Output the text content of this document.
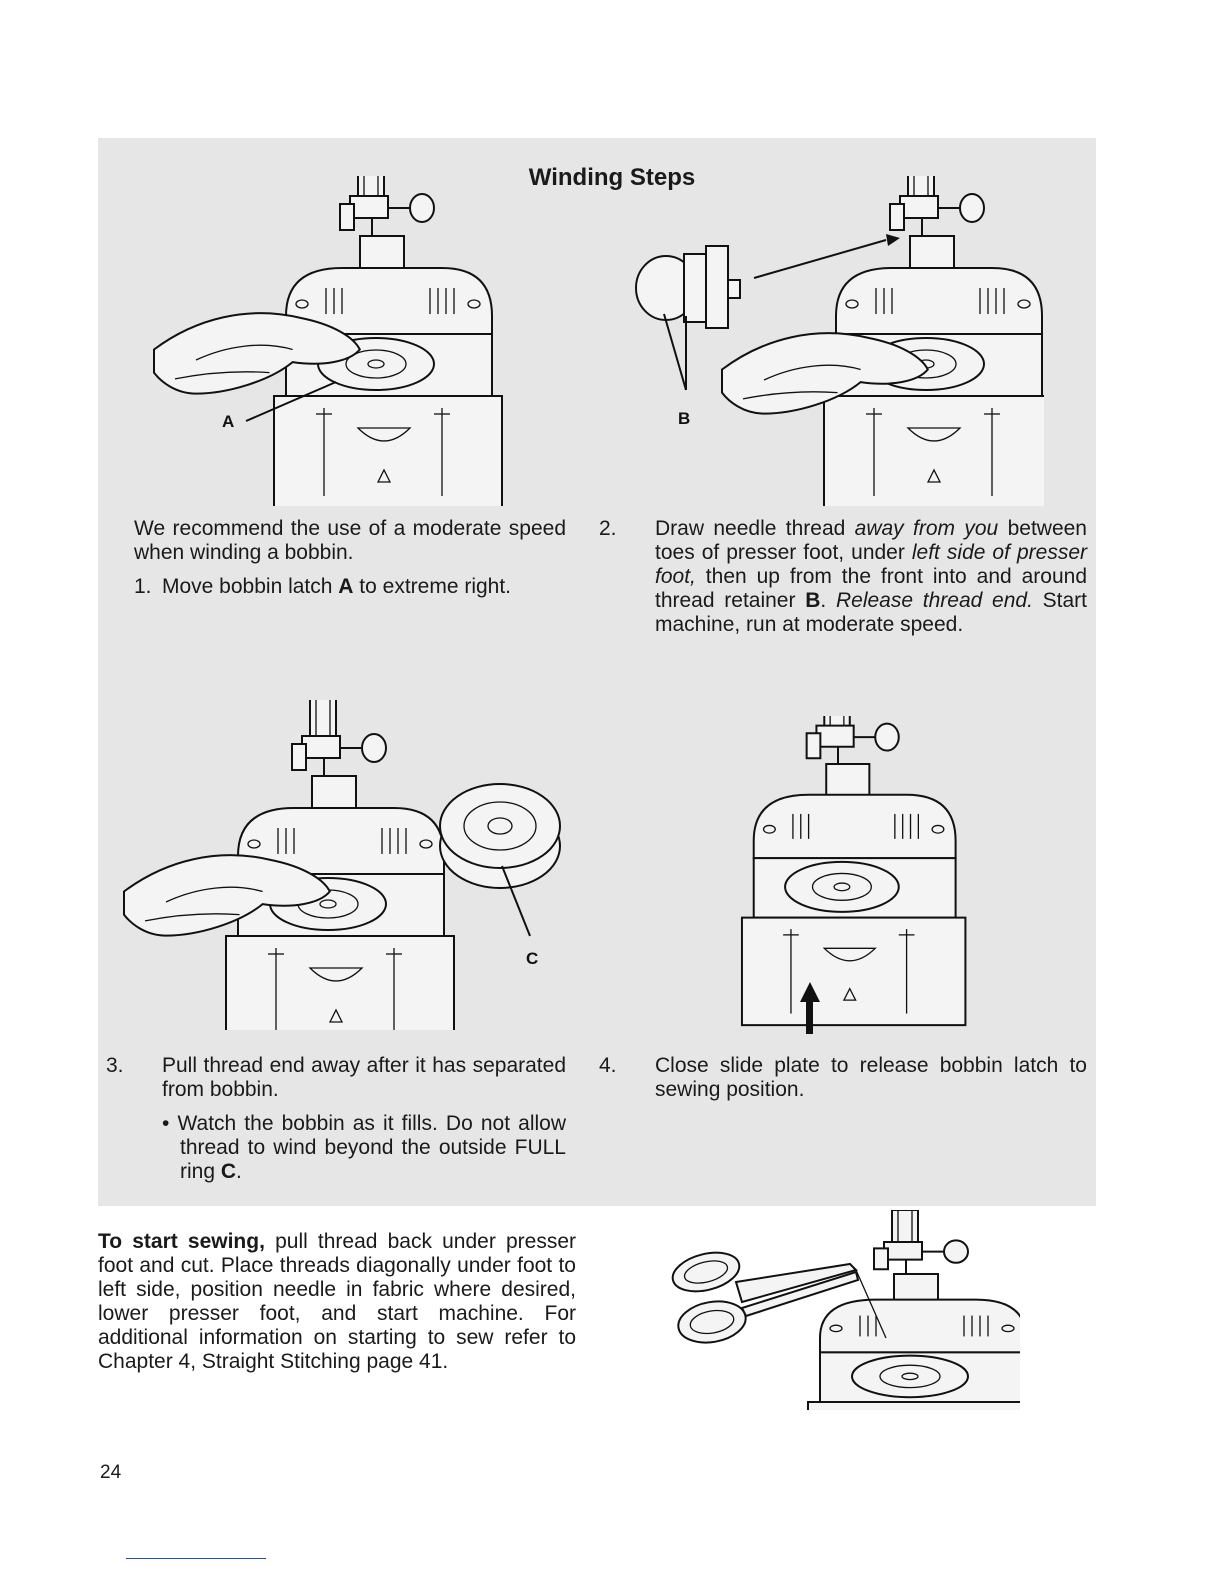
Winding Steps
A	B
C
We recommend the use of a moderate speed when winding a bobbin.
1. Move bobbin latch A to extreme right.
2. Draw needle thread away from you between toes of presser foot, under left side of presser foot, then up from the front into and around thread retainer B. Release thread end. Start machine, run at moderate speed.
3. Pull thread end away after it has separated from bobbin.
• Watch the bobbin as it fills. Do not allow thread to wind beyond the outside FULL ring C.
4. Close slide plate to release bobbin latch to sewing position.
To start sewing, pull thread back under presser foot and cut. Place threads diagonally under foot to left side, position needle in fabric where desired, lower presser foot, and start machine. For additional information on starting to sew refer to Chapter 4, Straight Stitching page 41.
24
